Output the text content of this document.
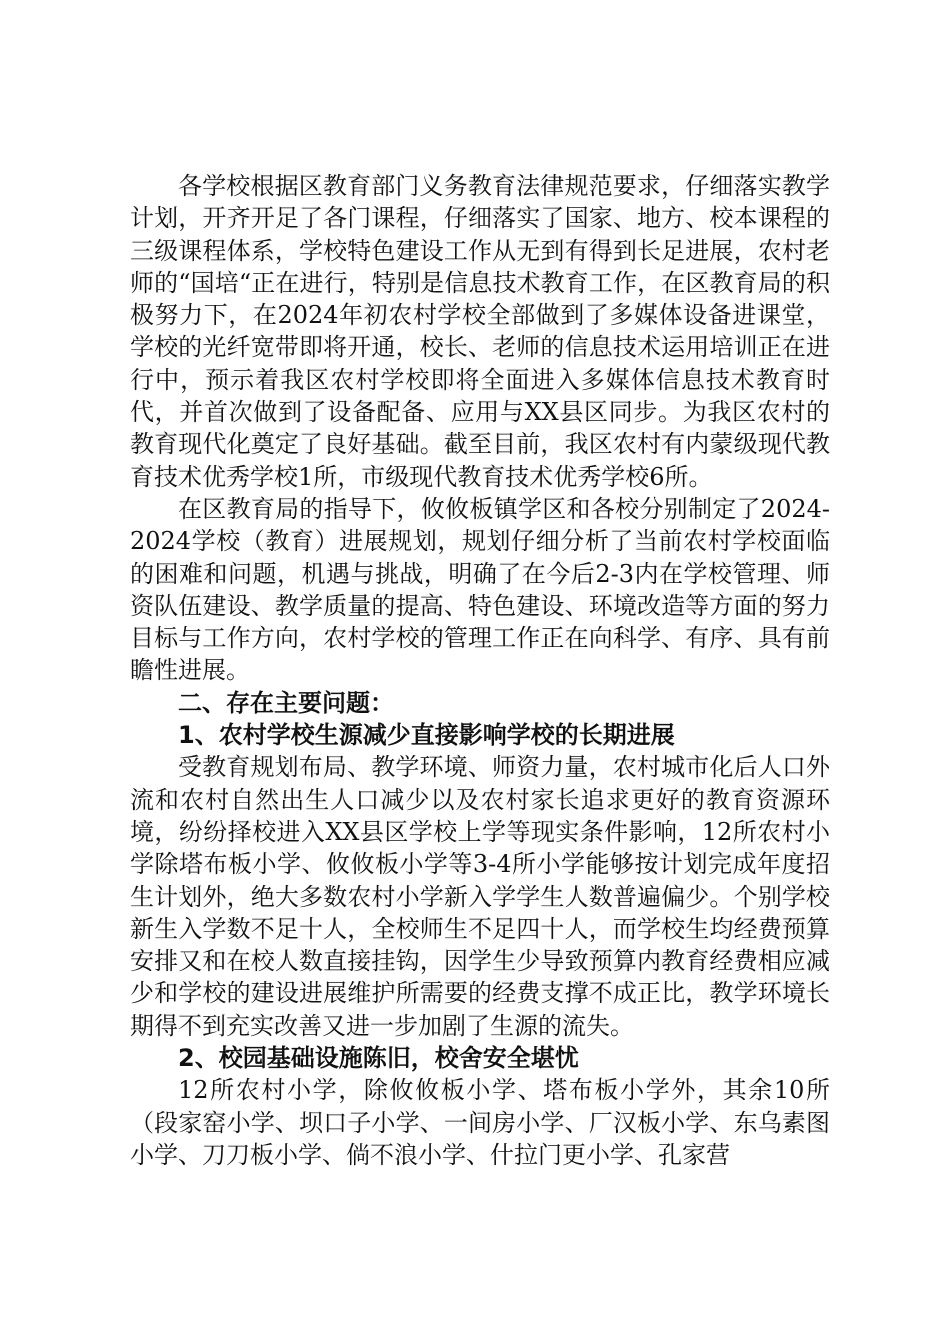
各学校根据区教育部门义务教育法律规范要求，仔细落实教学计划，开齐开足了各门课程，仔细落实了国家、地方、校本课程的三级课程体系，学校特色建设工作从无到有得到长足进展，农村老师的“国培“正在进行，特别是信息技术教育工作，在区教育局的积极努力下，在2024年初农村学校全部做到了多媒体设备进课堂，学校的光纤宽带即将开通，校长、老师的信息技术运用培训正在进行中，预示着我区农村学校即将全面进入多媒体信息技术教育时代，并首次做到了设备配备、应用与XX县区同步。为我区农村的教育现代化奠定了良好基础。截至目前，我区农村有内蒙级现代教育技术优秀学校1所，市级现代教育技术优秀学校6所。

在区教育局的指导下，攸攸板镇学区和各校分别制定了2024-2024学校（教育）进展规划，规划仔细分析了当前农村学校面临的困难和问题，机遇与挑战，明确了在今后2-3内在学校管理、师资队伍建设、教学质量的提高、特色建设、环境改造等方面的努力目标与工作方向，农村学校的管理工作正在向科学、有序、具有前瞻性进展。

二、存在主要问题：

1、农村学校生源减少直接影响学校的长期进展

受教育规划布局、教学环境、师资力量，农村城市化后人口外流和农村自然出生人口减少以及农村家长追求更好的教育资源环境，纷纷择校进入XX县区学校上学等现实条件影响，12所农村小学除塔布板小学、攸攸板小学等3-4所小学能够按计划完成年度招生计划外，绝大多数农村小学新入学学生人数普遍偏少。个别学校新生入学数不足十人，全校师生不足四十人，而学校生均经费预算安排又和在校人数直接挂钩，因学生少导致预算内教育经费相应减少和学校的建设进展维护所需要的经费支撑不成正比，教学环境长期得不到充实改善又进一步加剧了生源的流失。

2、校园基础设施陈旧，校舍安全堪忧

12所农村小学，除攸攸板小学、塔布板小学外，其余10所（段家窑小学、坝口子小学、一间房小学、厂汉板小学、东乌素图小学、刀刀板小学、倘不浪小学、什拉门更小学、孔家营
